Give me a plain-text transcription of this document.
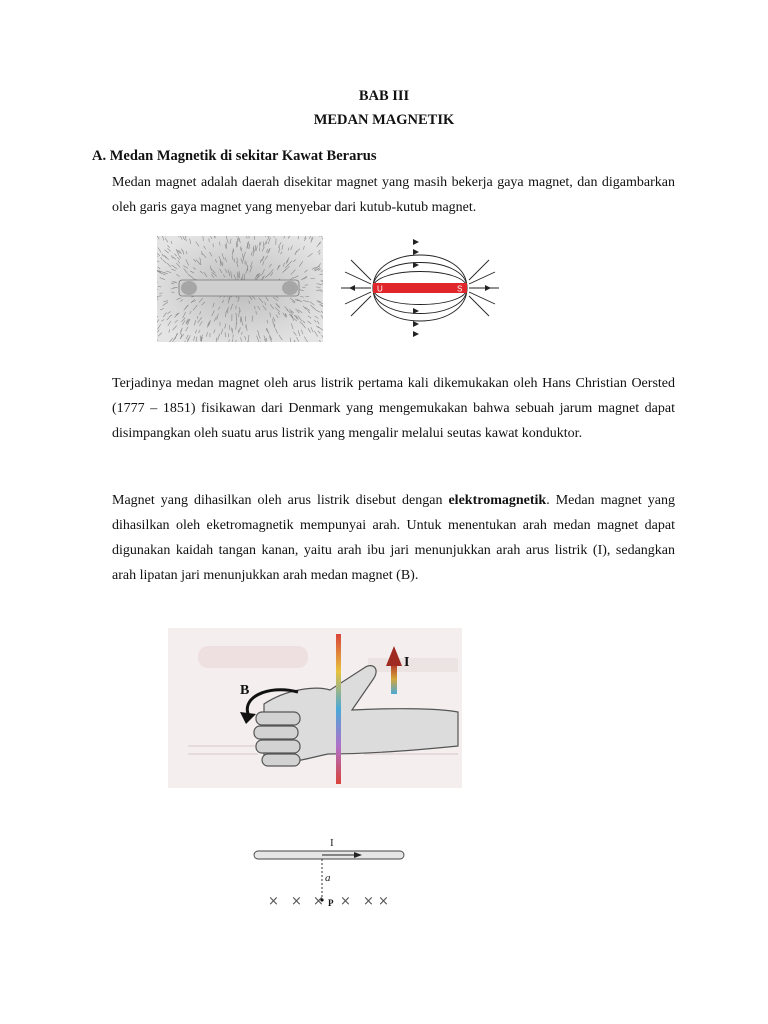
BAB III
MEDAN MAGNETIK
A. Medan Magnetik di sekitar Kawat Berarus

Medan magnet adalah daerah disekitar magnet yang masih bekerja gaya magnet, dan digambarkan oleh garis gaya magnet yang menyebar dari kutub-kutub magnet.

U	S

Terjadinya medan magnet oleh arus listrik pertama kali dikemukakan oleh Hans Christian Oersted (1777 – 1851) fisikawan dari Denmark yang mengemukakan bahwa sebuah jarum magnet dapat disimpangkan oleh suatu arus listrik yang mengalir melalui seutas kawat konduktor.

Magnet yang dihasilkan oleh arus listrik disebut dengan elektromagnetik. Medan magnet yang dihasilkan oleh eketromagnetik mempunyai arah. Untuk menentukan arah medan magnet dapat digunakan kaidah tangan kanan, yaitu arah ibu jari menunjukkan arah arus listrik (I), sedangkan arah lipatan jari menunjukkan arah medan magnet (B).

B
I
I
a
P
× × × × × ×
